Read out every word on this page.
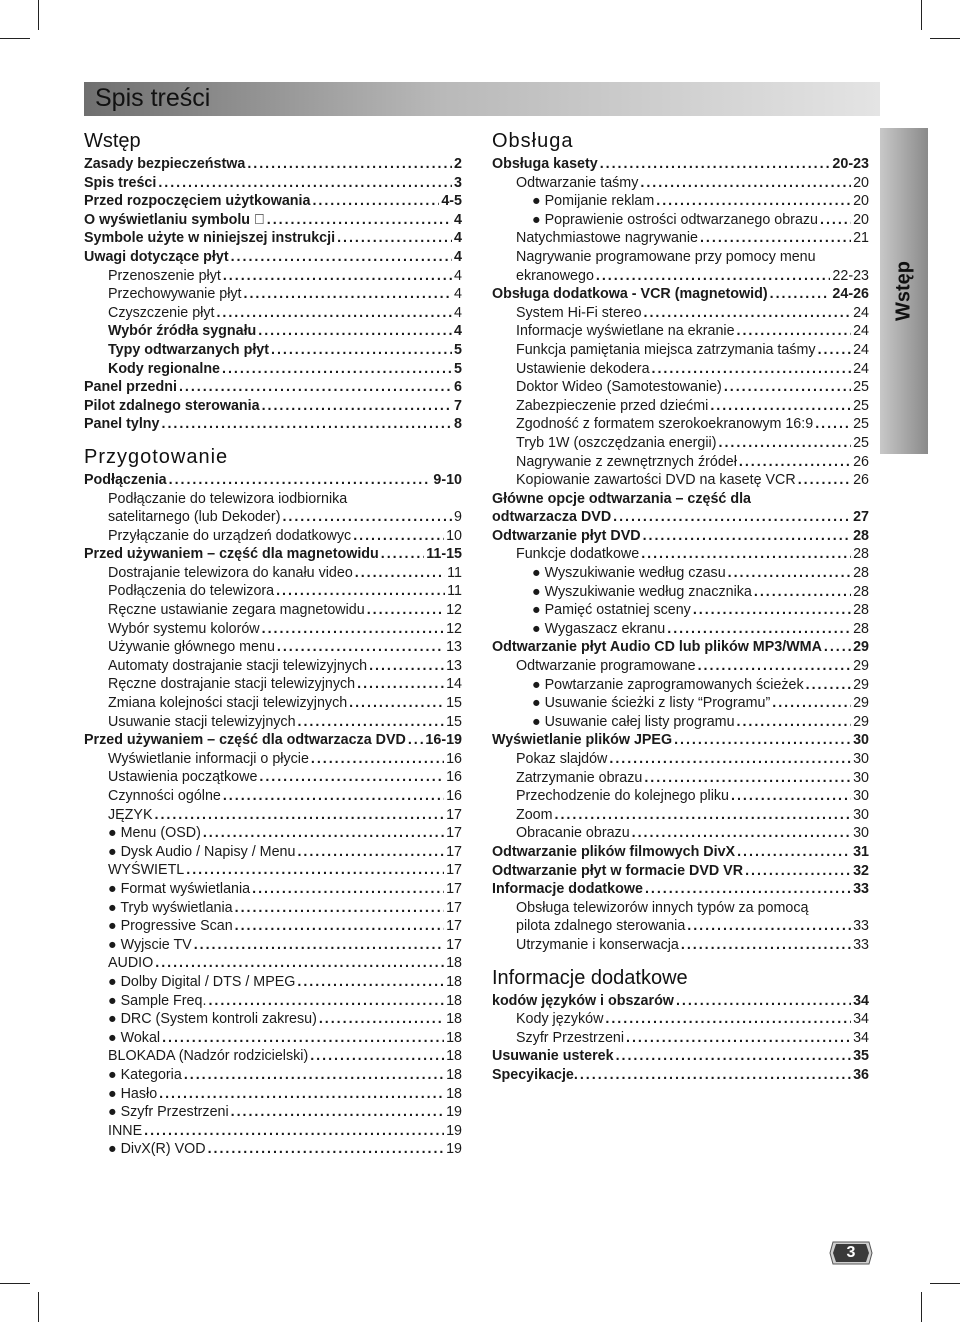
Spis treści
Wstęp
Zasady bezpieczeństwa . . .	2
Spis treści . . .	3
Przed rozpoczęciem użytkowania . . .	4-5
O wyświetlaniu symbolu ⃠ . . .	4
Symbole użyte w niniejszej instrukcji . . .	4
Uwagi dotyczące płyt . . .	4
Przenoszenie płyt . . .	4
Przechowywanie płyt . . .	4
Czyszczenie płyt . . .	4
Wybór źródła sygnału . . .	4
Typy odtwarzanych płyt . . .	5
Kody regionalne . . .	5
Panel przedni . . .	6
Pilot zdalnego sterowania . . .	7
Panel tylny . . .	8
Przygotowanie
Podłączenia . . .	9-10
Podłączanie do telewizora iodbiornika
satelitarnego (lub Dekoder) . . .	9
Przyłączanie do urządzeń dodatkowyc . . .	10
Przed używaniem – część dla magnetowidu . . .	11-15
Dostrajanie telewizora do kanału video . . .	11
Podłączenia do telewizora . . .	11
Ręczne ustawianie zegara magnetowidu . . .	12
Wybór systemu kolorów . . .	12
Używanie głównego menu . . .	13
Automaty dostrajanie stacji telewizyjnych . . .	13
Ręczne dostrajanie stacji telewizyjnych . . .	14
Zmiana kolejności stacji telewizyjnych . . .	15
Usuwanie stacji telewizyjnych . . .	15
Przed używaniem – część dla odtwarzacza DVD . . . 16-19
Wyświetlanie informacji o płycie . . .	16
Ustawienia początkowe . . .	16
Czynności ogólne . . .	16
JĘZYK . . .	17
● Menu (OSD) . . .	17
● Dysk Audio / Napisy / Menu . . .	17
WYŚWIETL . . .	17
● Format wyświetlania . . .	17
● Tryb wyświetlania . . .	17
● Progressive Scan . . .	17
● Wyjscie TV . . .	17
AUDIO . . .	18
● Dolby Digital / DTS / MPEG . . .	18
● Sample Freq. . . .	18
● DRC (System kontroli zakresu) . . .	18
● Wokal . . .	18
BLOKADA (Nadzór rodzicielski) . . .	18
● Kategoria . . .	18
● Hasło . . .	18
● Szyfr Przestrzeni . . .	19
INNE . . .	19
● DivX(R) VOD . . .	19
Obsługa
Obsługa kasety . . .	20-23
Odtwarzanie taśmy . . .	20
● Pomijanie reklam . . .	20
● Poprawienie ostrości odtwarzanego obrazu . . . 20
Natychmiastowe nagrywanie . . .	21
Nagrywanie programowane przy pomocy menu
ekranowego . . .	22-23
Obsługa dodatkowa - VCR (magnetowid) . . .	24-26
System Hi-Fi stereo . . .	24
Informacje wyświetlane na ekranie . . .	24
Funkcja pamiętania miejsca zatrzymania taśmy . . .	24
Ustawienie dekodera . . .	24
Doktor Wideo (Samotestowanie) . . .	25
Zabezpieczenie przed dziećmi . . .	25
Zgodność z formatem szerokoekranowym 16:9 . . .	25
Tryb 1W (oszczędzania energii) . . .	25
Nagrywanie z zewnętrznych źródeł . . .	26
Kopiowanie zawartości DVD na kasetę VCR . . .	26
Główne opcje odtwarzania – część dla
odtwarzacza DVD . . .	27
Odtwarzanie płyt DVD . . .	28
Funkcje dodatkowe . . .	28
● Wyszukiwanie według czasu . . .	28
● Wyszukiwanie według znacznika . . .	28
● Pamięć ostatniej sceny . . .	28
● Wygaszacz ekranu . . .	28
Odtwarzanie płyt Audio CD lub plików MP3/WMA . . . 29
Odtwarzanie programowane . . .	29
● Powtarzanie zaprogramowanych ścieżek . . .	29
● Usuwanie ścieżki z listy “Programu” . . .	29
● Usuwanie całej listy programu . . .	29
Wyświetlanie plików JPEG . . .	30
Pokaz slajdów . . .	30
Zatrzymanie obrazu . . .	30
Przechodzenie do kolejnego pliku . . .	30
Zoom . . .	30
Obracanie obrazu . . .	30
Odtwarzanie plików filmowych DivX . . .	31
Odtwarzanie płyt w formacie DVD VR . . .	32
Informacje dodatkowe . . .	33
Obsługa telewizorów innych typów za pomocą
pilota zdalnego sterowania . . .	33
Utrzymanie i konserwacja . . .	33
Informacje dodatkowe
kodów języków i obszarów . . .	34
Kody języków . . .	34
Szyfr Przestrzeni . . .	34
Usuwanie usterek . . .	35
Specyikacje. . . .	36
Wstęp
3
